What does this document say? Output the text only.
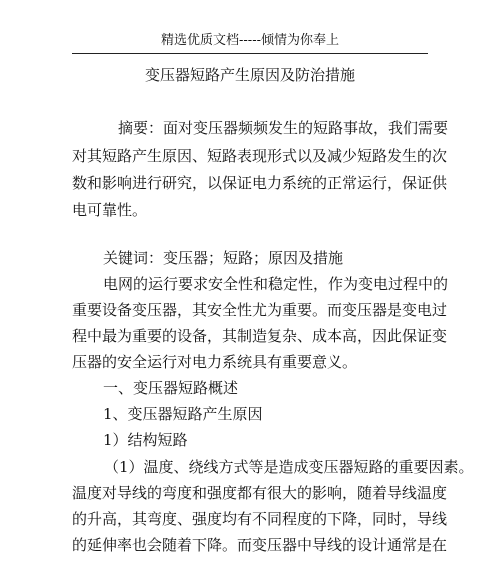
精选优质文档-----倾情为你奉上
变压器短路产生原因及防治措施
摘要：面对变压器频频发生的短路事故，我们需要
对其短路产生原因、短路表现形式以及减少短路发生的次
数和影响进行研究，以保证电力系统的正常运行，保证供
电可靠性。
关键词：变压器；短路；原因及措施
电网的运行要求安全性和稳定性，作为变电过程中的
重要设备变压器，其安全性尤为重要。而变压器是变电过
程中最为重要的设备，其制造复杂、成本高，因此保证变
压器的安全运行对电力系统具有重要意义。
一、变压器短路概述
1、变压器短路产生原因
1）结构短路
（1）温度、绕线方式等是造成变压器短路的重要因素。
温度对导线的弯度和强度都有很大的影响，随着导线温度
的升高，其弯度、强度均有不同程度的下降，同时，导线
的延伸率也会随着下降。而变压器中导线的设计通常是在
